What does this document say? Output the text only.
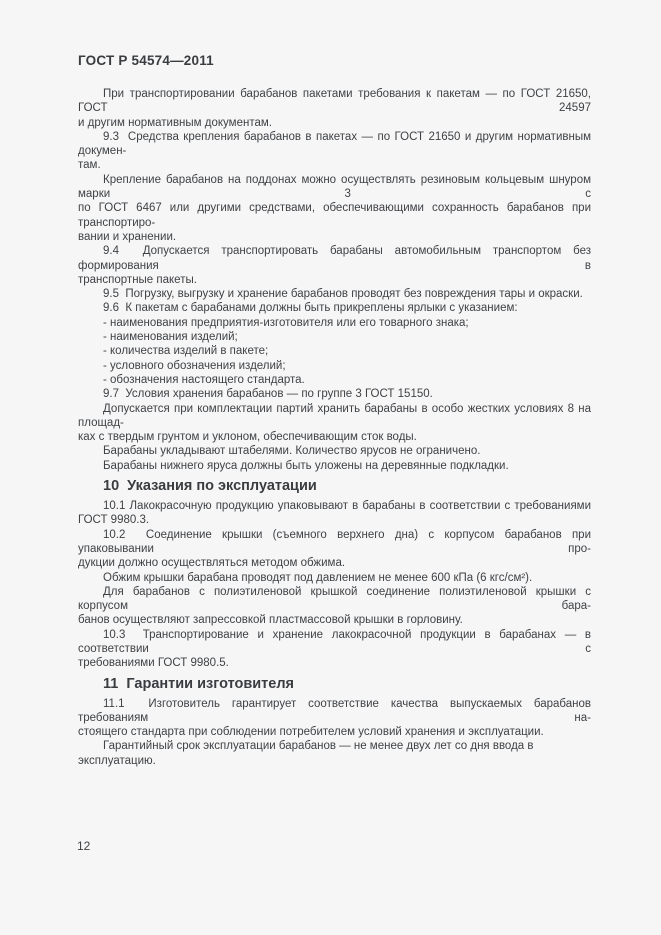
ГОСТ Р 54574—2011
При транспортировании барабанов пакетами требования к пакетам — по ГОСТ 21650, ГОСТ 24597
и другим нормативным документам.
9.3  Средства крепления барабанов в пакетах — по ГОСТ 21650 и другим нормативным докумен-
там.
Крепление барабанов на поддонах можно осуществлять резиновым кольцевым шнуром марки 3 с
по ГОСТ 6467 или другими средствами, обеспечивающими сохранность барабанов при транспортиро-
вании и хранении.
9.4  Допускается транспортировать барабаны автомобильным транспортом без формирования в
транспортные пакеты.
9.5  Погрузку, выгрузку и хранение барабанов проводят без повреждения тары и окраски.
9.6  К пакетам с барабанами должны быть прикреплены ярлыки с указанием:
- наименования предприятия-изготовителя или его товарного знака;
- наименования изделий;
- количества изделий в пакете;
- условного обозначения изделий;
- обозначения настоящего стандарта.
9.7  Условия хранения барабанов — по группе 3 ГОСТ 15150.
Допускается при комплектации партий хранить барабаны в особо жестких условиях 8 на площад-
ках с твердым грунтом и уклоном, обеспечивающим сток воды.
Барабаны укладывают штабелями. Количество ярусов не ограничено.
Барабаны нижнего яруса должны быть уложены на деревянные подкладки.
10  Указания по эксплуатации
10.1 Лакокрасочную продукцию упаковывают в барабаны в соответствии с требованиями
ГОСТ 9980.3.
10.2  Соединение крышки (съемного верхнего дна) с корпусом барабанов при упаковывании про-
дукции должно осуществляться методом обжима.
Обжим крышки барабана проводят под давлением не менее 600 кПа (6 кгс/см²).
Для барабанов с полиэтиленовой крышкой соединение полиэтиленовой крышки с корпусом бара-
банов осуществляют запрессовкой пластмассовой крышки в горловину.
10.3  Транспортирование и хранение лакокрасочной продукции в барабанах — в соответствии с
требованиями ГОСТ 9980.5.
11  Гарантии изготовителя
11.1  Изготовитель гарантирует соответствие качества выпускаемых барабанов требованиям на-
стоящего стандарта при соблюдении потребителем условий хранения и эксплуатации.
Гарантийный срок эксплуатации барабанов — не менее двух лет со дня ввода в эксплуатацию.
12
